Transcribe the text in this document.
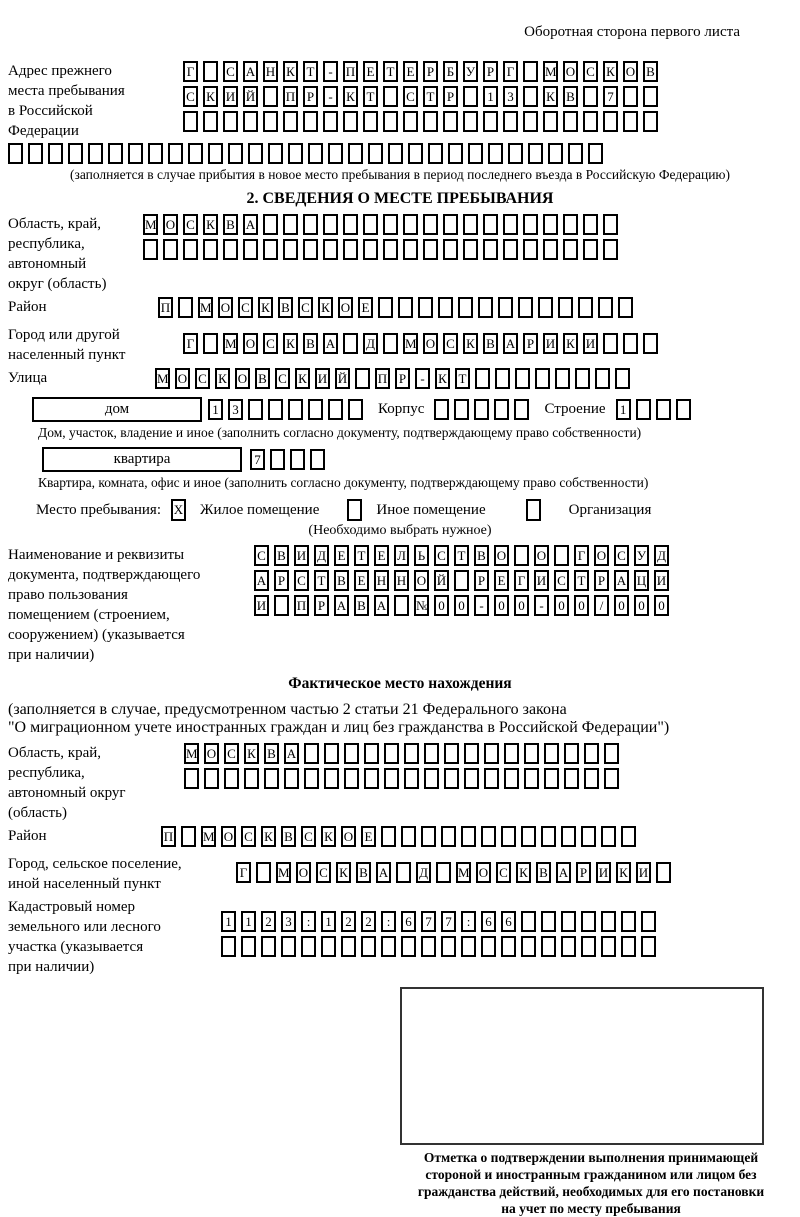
Оборотная сторона первого листа
Адрес прежнего
места пребывания
в Российской
Федерации
Г С А Н К Т	-	П Е Т Е Р Б У Р Г М О С К О В
С К И Й П Р	-	К Т С Т Р	1	3	К В	7
(заполняется в случае прибытия в новое место пребывания в период последнего въезда в Российскую Федерацию)
2. СВЕДЕНИЯ О МЕСТЕ ПРЕБЫВАНИЯ
Область, край,
республика,
автономный
округ (область)
М О С К В А
Район	П М О С К В С К О Е
Город или другой
населенный пункт
Г М О С К В А Д М О С К В А Р И К И
Улица	М О С К О В С К И Й П Р	-	К Т
дом	1	3	Корпус	Строение	1
Дом, участок, владение и иное (заполнить согласно документу, подтверждающему право собственности)
квартира	7
Квартира, комната, офис и иное (заполнить согласно документу, подтверждающему право собственности)
Место пребывания: X Жилое помещение	Иное помещение	Организация
(Необходимо выбрать нужное)
Наименование и реквизиты
документа, подтверждающего
право пользования
помещением (строением,
сооружением) (указывается
при наличии)
С В И Д Е Т Е Л Ь С Т В О О Г О С У Д
А Р С Т В Е Н Н О Й Р Е Г И С Т Р А Ц И
И П Р А В А № 0	0	-	0	0	-	0	0	/	0	0	0
Фактическое место нахождения
(заполняется в случае, предусмотренном частью 2 статьи 21 Федерального закона
"О миграционном учете иностранных граждан и лиц без гражданства в Российской Федерации")
Область, край,
республика,
автономный округ
(область)
М О С К В А
Район	П М О С К В С К О Е
Город, сельское поселение,
иной населенный пункт
Г М О С К В А Д М О С К В А Р И К И
Кадастровый номер
земельного или лесного
участка (указывается
при наличии)
1	1	2	3	:	1	2	2	:	6	7	7	:	6	6
Отметка о подтверждении выполнения принимающей
стороной и иностранным гражданином или лицом без
гражданства действий, необходимых для его постановки
на учет по месту пребывания
